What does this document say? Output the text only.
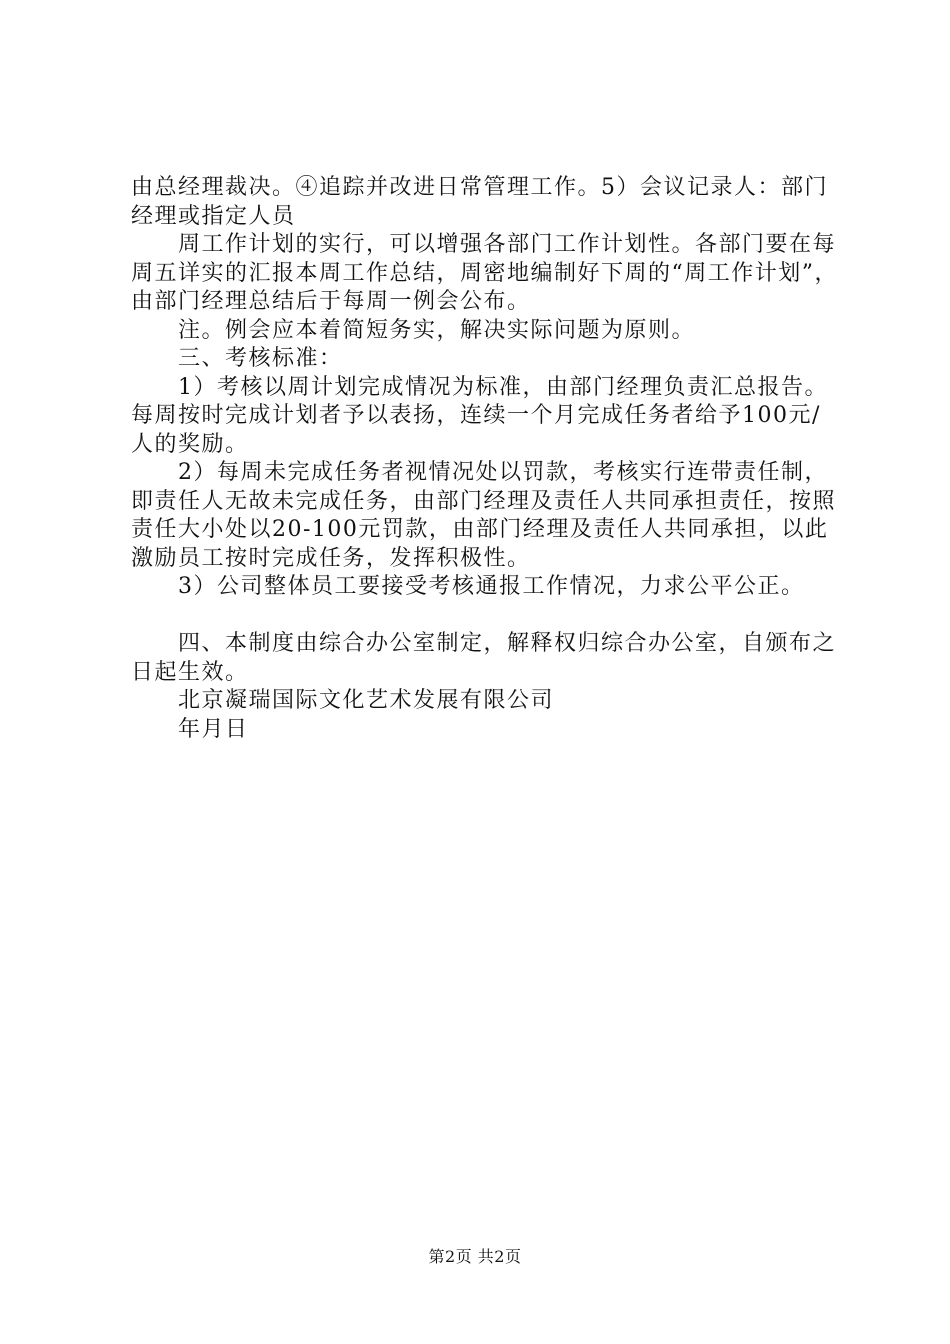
由总经理裁决。④追踪并改进日常管理工作。5）会议记录人：部门经理或指定人员

周工作计划的实行，可以增强各部门工作计划性。各部门要在每周五详实的汇报本周工作总结，周密地编制好下周的“周工作计划”，由部门经理总结后于每周一例会公布。

注。例会应本着简短务实，解决实际问题为原则。

三、考核标准：

1）考核以周计划完成情况为标准，由部门经理负责汇总报告。每周按时完成计划者予以表扬，连续一个月完成任务者给予100元/人的奖励。

2）每周未完成任务者视情况处以罚款，考核实行连带责任制，即责任人无故未完成任务，由部门经理及责任人共同承担责任，按照责任大小处以20-100元罚款，由部门经理及责任人共同承担，以此激励员工按时完成任务，发挥积极性。

3）公司整体员工要接受考核通报工作情况，力求公平公正。

四、本制度由综合办公室制定，解释权归综合办公室，自颁布之日起生效。

北京凝瑞国际文化艺术发展有限公司

年月日

第2页 共2页
